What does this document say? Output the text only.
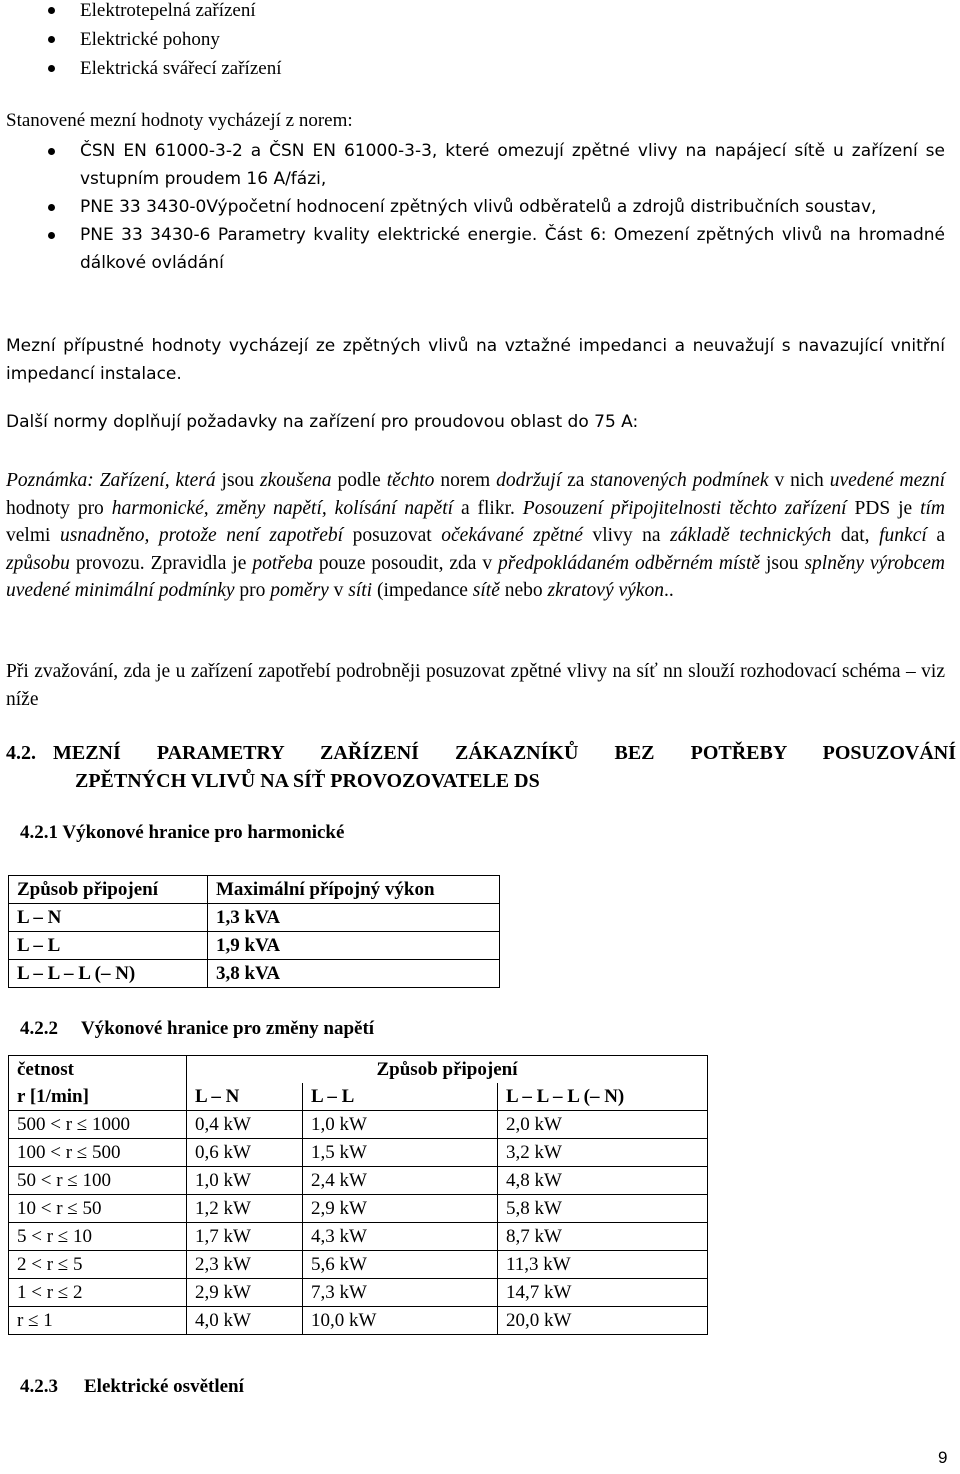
Elektrotepelná zařízení
Elektrické pohony
Elektrická svářecí zařízení

Stanovené mezní hodnoty vycházejí z norem:

ČSN EN 61000-3-2 a ČSN EN 61000-3-3, které omezují zpětné vlivy na napájecí sítě u zařízení se vstupním proudem 16 A/fázi,
PNE 33 3430-0Výpočetní hodnocení zpětných vlivů odběratelů a zdrojů distribučních soustav,
PNE 33 3430-6 Parametry kvality elektrické energie. Část 6: Omezení zpětných vlivů na hromadné dálkové ovládání

Mezní přípustné hodnoty vycházejí ze zpětných vlivů na vztažné impedanci a neuvažují s navazující vnitřní impedancí instalace.

Další normy doplňují požadavky na zařízení pro proudovou oblast do 75 A:

Poznámka: Zařízení, která jsou zkoušena podle těchto norem dodržují za stanovených podmínek v nich uvedené mezní hodnoty pro harmonické, změny napětí, kolísání napětí a flikr. Posouzení připojitelnosti těchto zařízení PDS je tím velmi usnadněno, protože není zapotřebí posuzovat očekávané zpětné vlivy na základě technických dat, funkcí a způsobu provozu. Zpravidla je potřeba pouze posoudit, zda v předpokládaném odběrném místě jsou splněny výrobcem uvedené minimální podmínky pro poměry v síti (impedance sítě nebo zkratový výkon..

Při zvažování, zda je u zařízení zapotřebí podrobněji posuzovat zpětné vlivy na síť nn slouží rozhodovací schéma – viz níže

4.2. MEZNÍ PARAMETRY ZAŘÍZENÍ ZÁKAZNÍKŮ BEZ POTŘEBY POSUZOVÁNÍ
ZPĚTNÝCH VLIVŮ NA SÍŤ PROVOZOVATELE DS
4.2.1 Výkonové hranice pro harmonické
Způsob připojení	Maximální přípojný výkon
L – N	1,3 kVA
L – L	1,9 kVA
L – L – L (– N)	3,8 kVA
4.2.2 Výkonové hranice pro změny napětí
četnost	Způsob připojení		
r [1/min]	L – N	L – L	L – L – L (– N)
500 < r ≤ 1000	0,4 kW	1,0 kW	2,0 kW
100 < r ≤ 500	0,6 kW	1,5 kW	3,2 kW
50 < r ≤ 100	1,0 kW	2,4 kW	4,8 kW
10 < r ≤ 50	1,2 kW	2,9 kW	5,8 kW
5 < r ≤ 10	1,7 kW	4,3 kW	8,7 kW
2 < r ≤ 5	2,3 kW	5,6 kW	11,3 kW
1 < r ≤ 2	2,9 kW	7,3 kW	14,7 kW
r ≤ 1	4,0 kW	10,0 kW	20,0 kW
4.2.3 Elektrické osvětlení
9
